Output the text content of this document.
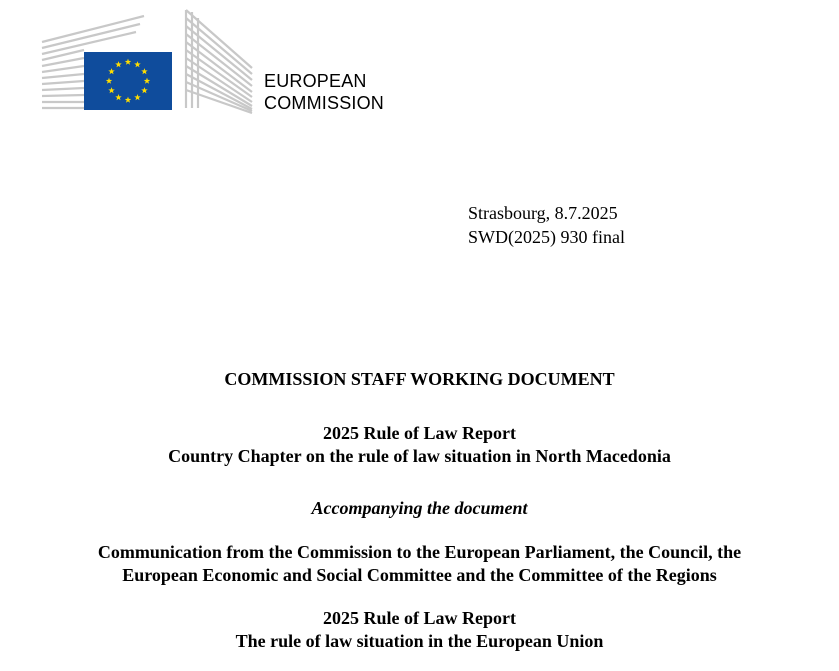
EUROPEAN
COMMISSION
Strasbourg, 8.7.2025
SWD(2025) 930 final
COMMISSION STAFF WORKING DOCUMENT
2025 Rule of Law Report
Country Chapter on the rule of law situation in North Macedonia
Accompanying the document
Communication from the Commission to the European Parliament, the Council, the
European Economic and Social Committee and the Committee of the Regions
2025 Rule of Law Report
The rule of law situation in the European Union
